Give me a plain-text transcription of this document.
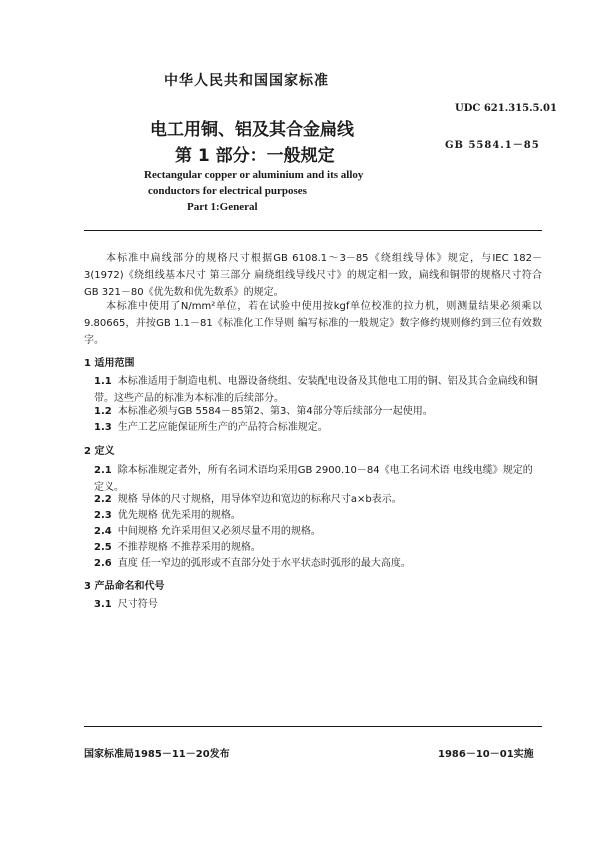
中华人民共和国国家标准
UDC 621.315.5.01
GB 5584.1－85
电工用铜、铝及其合金扁线
第 1 部分：一般规定
Rectangular copper or aluminium and its alloy
conductors for electrical purposes
Part 1:General
本标准中扁线部分的规格尺寸根据GB 6108.1～3－85《绕组线导体》规定，与IEC 182－3(1972)《绕组线基本尺寸 第三部分 扁绕组线导线尺寸》的规定相一致，扁线和铜带的规格尺寸符合GB 321－80《优先数和优先数系》的规定。
本标准中使用了N/mm²单位，若在试验中使用按kgf单位校准的拉力机，则测量结果必须乘以9.80665，并按GB 1.1－81《标准化工作导则 编写标准的一般规定》数字修约规则修约到三位有效数字。
1 适用范围
1.1 本标准适用于制造电机、电器设备绕组、安装配电设备及其他电工用的铜、铝及其合金扁线和铜带。这些产品的标准为本标准的后续部分。
1.2 本标准必须与GB 5584－85第2、第3、第4部分等后续部分一起使用。
1.3 生产工艺应能保证所生产的产品符合标准规定。
2 定义
2.1 除本标准规定者外，所有名词术语均采用GB 2900.10－84《电工名词术语 电线电缆》规定的定义。
2.2 规格 导体的尺寸规格，用导体窄边和宽边的标称尺寸a×b表示。
2.3 优先规格 优先采用的规格。
2.4 中间规格 允许采用但又必须尽量不用的规格。
2.5 不推荐规格 不推荐采用的规格。
2.6 直度 任一窄边的弧形或不直部分处于水平状态时弧形的最大高度。
3 产品命名和代号
3.1 尺寸符号
国家标准局1985－11－20发布	1986－10－01实施
